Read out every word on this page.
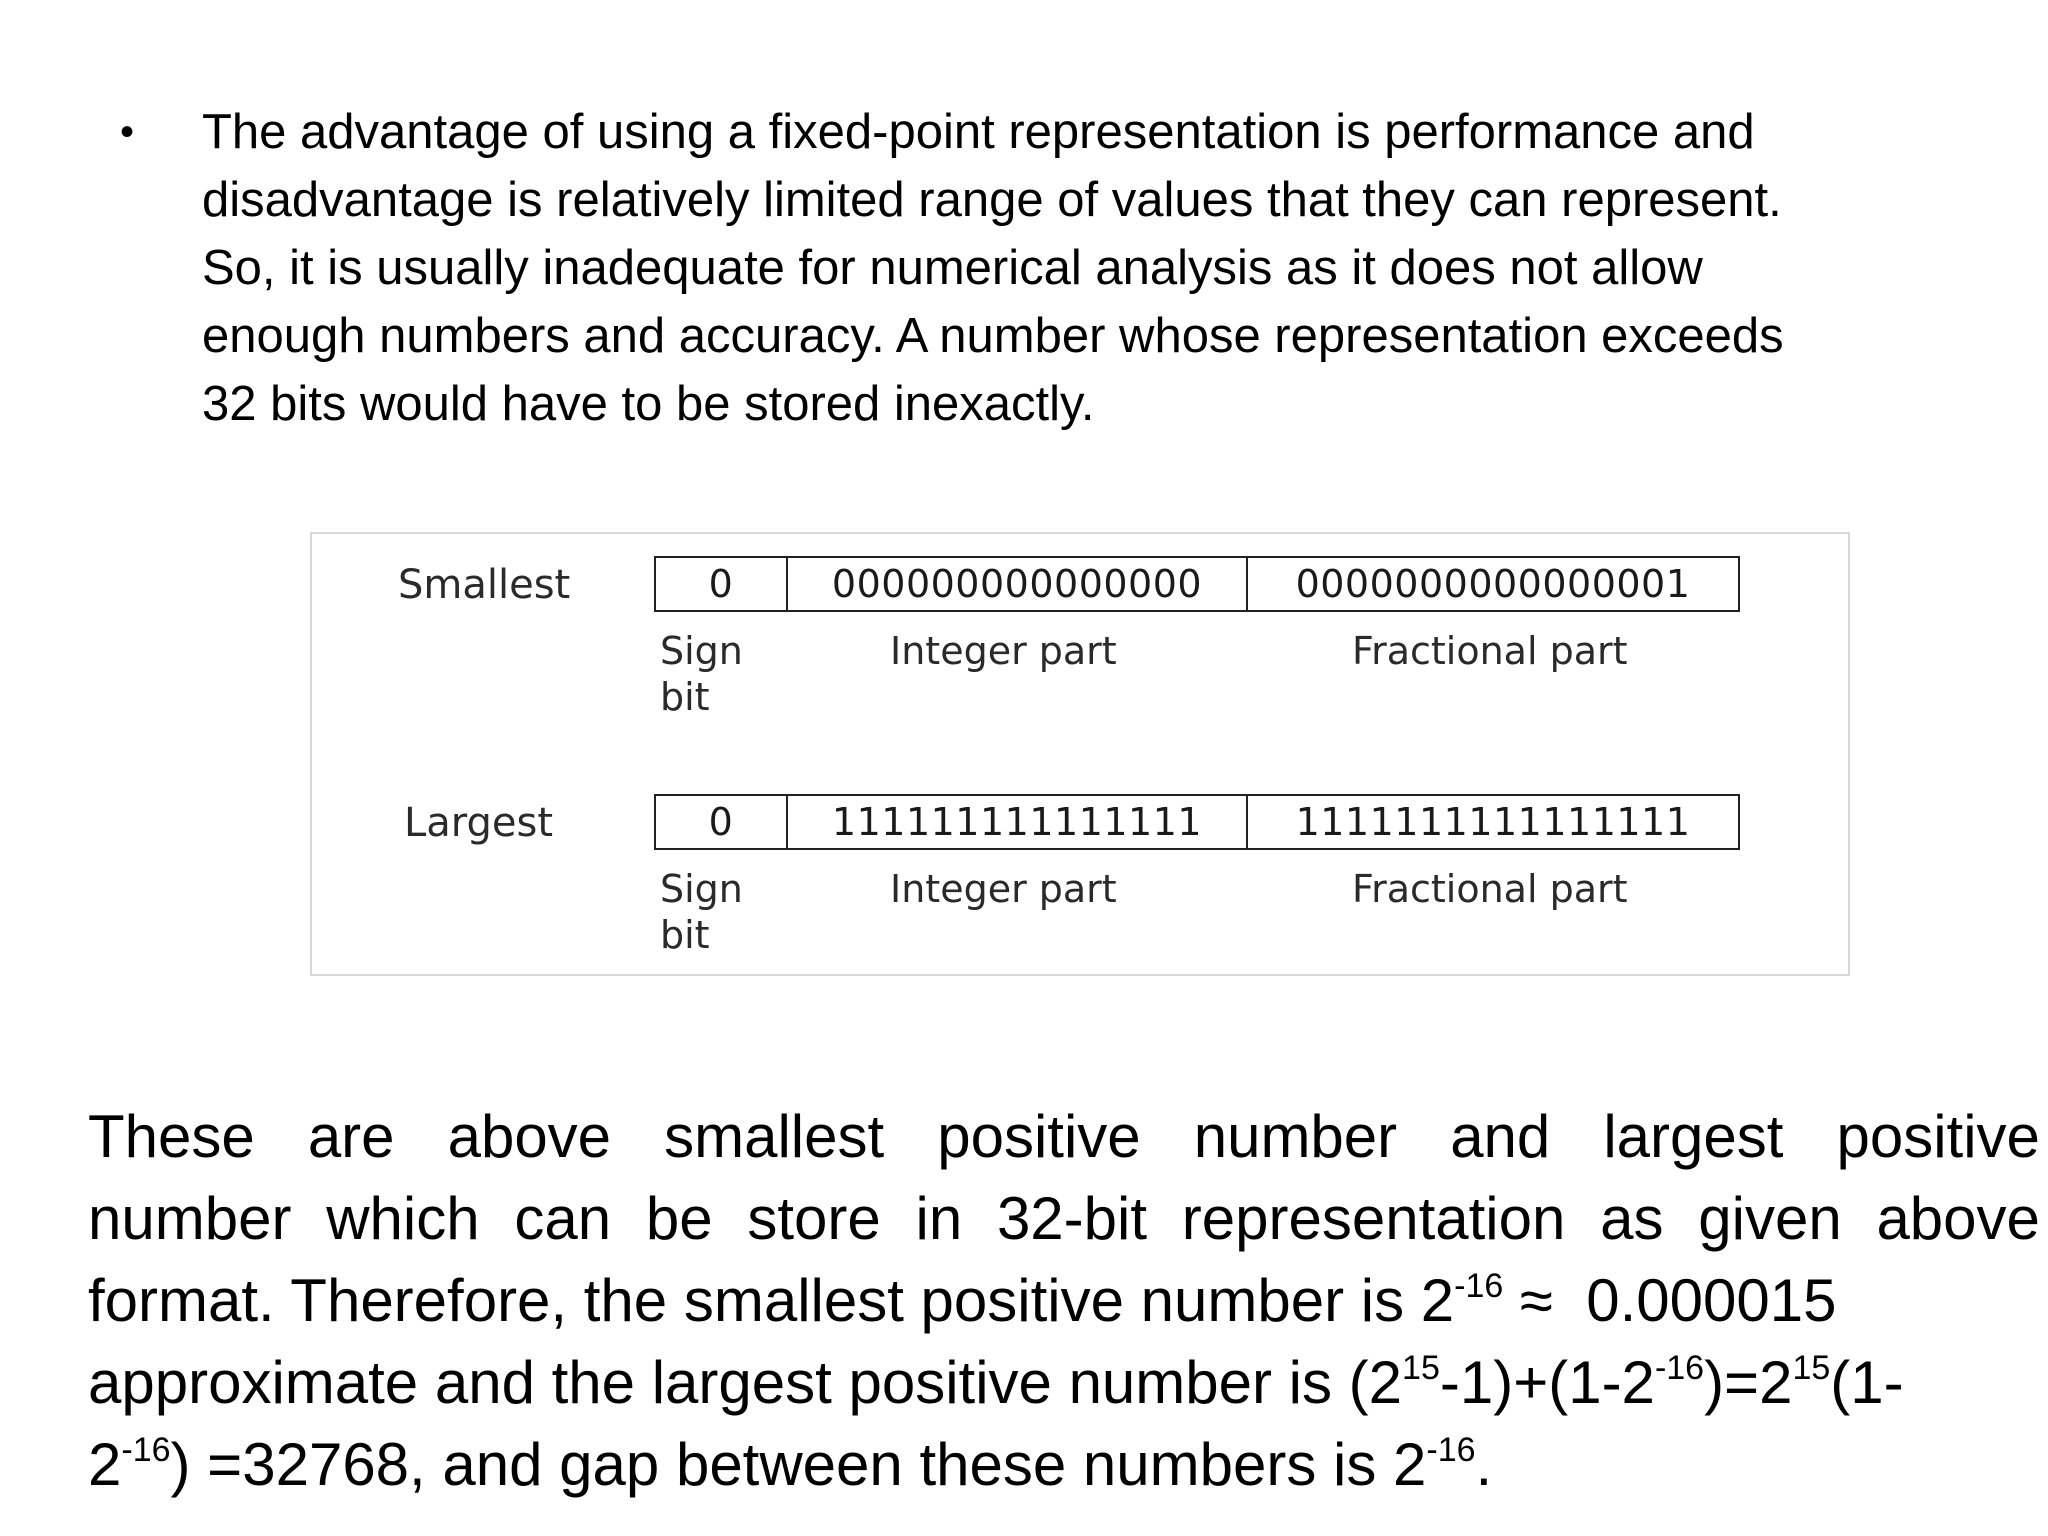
• The advantage of using a fixed-point representation is performance and
disadvantage is relatively limited range of values that they can represent.
So, it is usually inadequate for numerical analysis as it does not allow
enough numbers and accuracy. A number whose representation exceeds
32 bits would have to be stored inexactly.
Smallest	0	000000000000000	0000000000000001
Sign
bit
Integer part	Fractional part
Largest	0	111111111111111	1111111111111111
Sign
bit
Integer part	Fractional part
These are above smallest positive number and largest positive
number which can be store in 32-bit representation as given above
format. Therefore, the smallest positive number is $2^{-16} \approx 0.000015$
approximate and the largest positive number is $(2^{15}-1)+(1-2^{-16})=2^{15}(1-$
$2^{-16}) =32768$, and gap between these numbers is $2^{-16}$.
